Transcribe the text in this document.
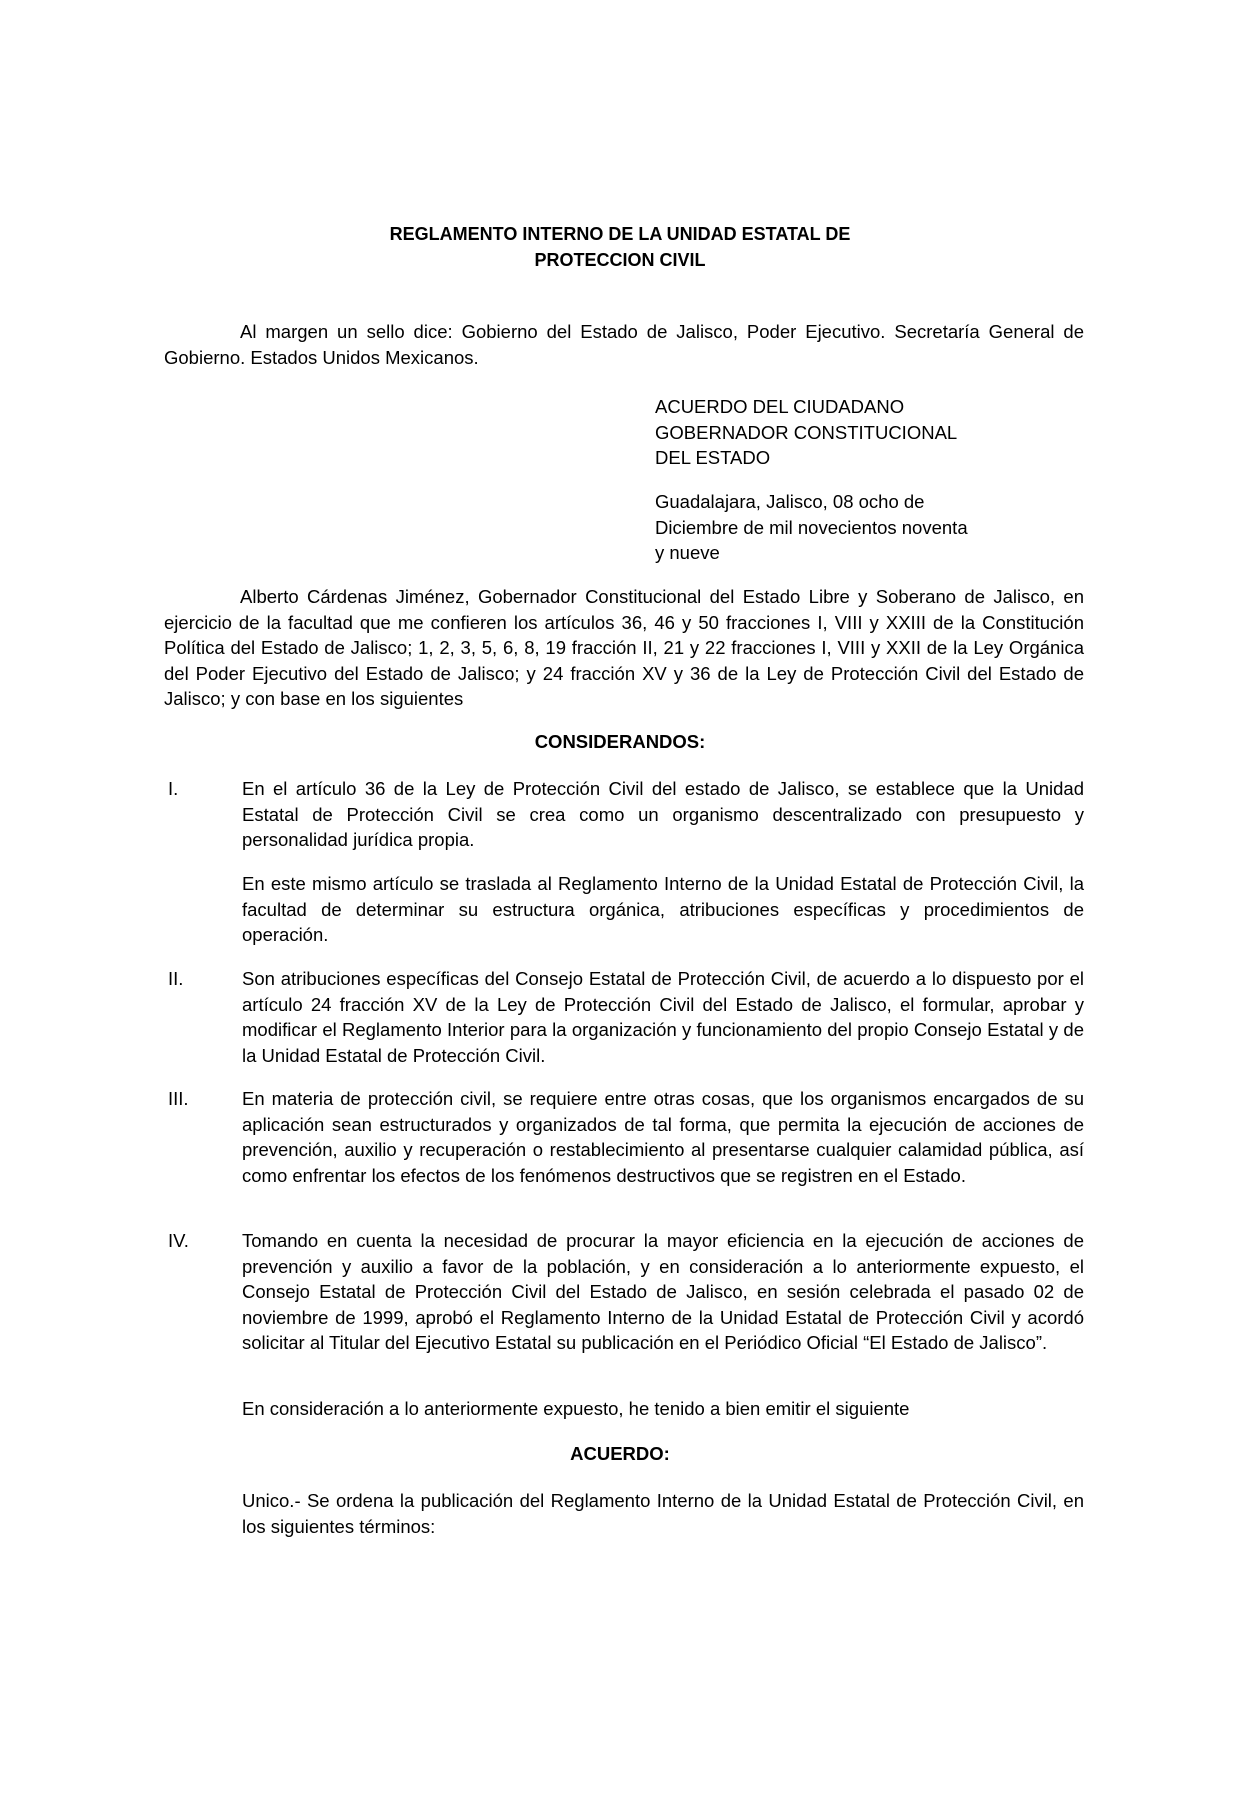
REGLAMENTO INTERNO DE LA UNIDAD ESTATAL DE
PROTECCION CIVIL
Al margen un sello dice: Gobierno del Estado de Jalisco, Poder Ejecutivo. Secretaría General de Gobierno. Estados Unidos Mexicanos.
ACUERDO DEL CIUDADANO
GOBERNADOR CONSTITUCIONAL
DEL ESTADO
Guadalajara, Jalisco, 08 ocho de
Diciembre de mil novecientos noventa
y nueve
Alberto Cárdenas Jiménez, Gobernador Constitucional del Estado Libre y Soberano de Jalisco, en ejercicio de la facultad que me confieren los artículos 36, 46 y 50 fracciones I, VIII y XXIII de la Constitución Política del Estado de Jalisco; 1, 2, 3, 5, 6, 8, 19 fracción II, 21 y 22 fracciones I, VIII y XXII de la Ley Orgánica del Poder Ejecutivo del Estado de Jalisco; y 24 fracción XV y 36 de la Ley de Protección Civil del Estado de Jalisco; y con base en los siguientes
CONSIDERANDOS:
I.	En el artículo 36 de la Ley de Protección Civil del estado de Jalisco, se establece que la Unidad Estatal de Protección Civil se crea como un organismo descentralizado con presupuesto y personalidad jurídica propia.
En este mismo artículo se traslada al Reglamento Interno de la Unidad Estatal de Protección Civil, la facultad de determinar su estructura orgánica, atribuciones específicas y procedimientos de operación.
II.	Son atribuciones específicas del Consejo Estatal de Protección Civil, de acuerdo a lo dispuesto por el artículo 24 fracción XV de la Ley de Protección Civil del Estado de Jalisco, el formular, aprobar y modificar el Reglamento Interior para la organización y funcionamiento del propio Consejo Estatal y de la Unidad Estatal de Protección Civil.
III.	En materia de protección civil, se requiere entre otras cosas, que los organismos encargados de su aplicación sean estructurados y organizados de tal forma, que permita la ejecución de acciones de prevención, auxilio y recuperación o restablecimiento al presentarse cualquier calamidad pública, así como enfrentar los efectos de los fenómenos destructivos que se registren en el Estado.
IV.	Tomando en cuenta la necesidad de procurar la mayor eficiencia en la ejecución de acciones de prevención y auxilio a favor de la población, y en consideración a lo anteriormente expuesto, el Consejo Estatal de Protección Civil del Estado de Jalisco, en sesión celebrada el pasado 02 de noviembre de 1999, aprobó el Reglamento Interno de la Unidad Estatal de Protección Civil y acordó solicitar al Titular del Ejecutivo Estatal su publicación en el Periódico Oficial “El Estado de Jalisco”.
En consideración a lo anteriormente expuesto, he tenido a bien emitir el siguiente
ACUERDO:
Unico.- Se ordena la publicación del Reglamento Interno de la Unidad Estatal de Protección Civil, en los siguientes términos:
